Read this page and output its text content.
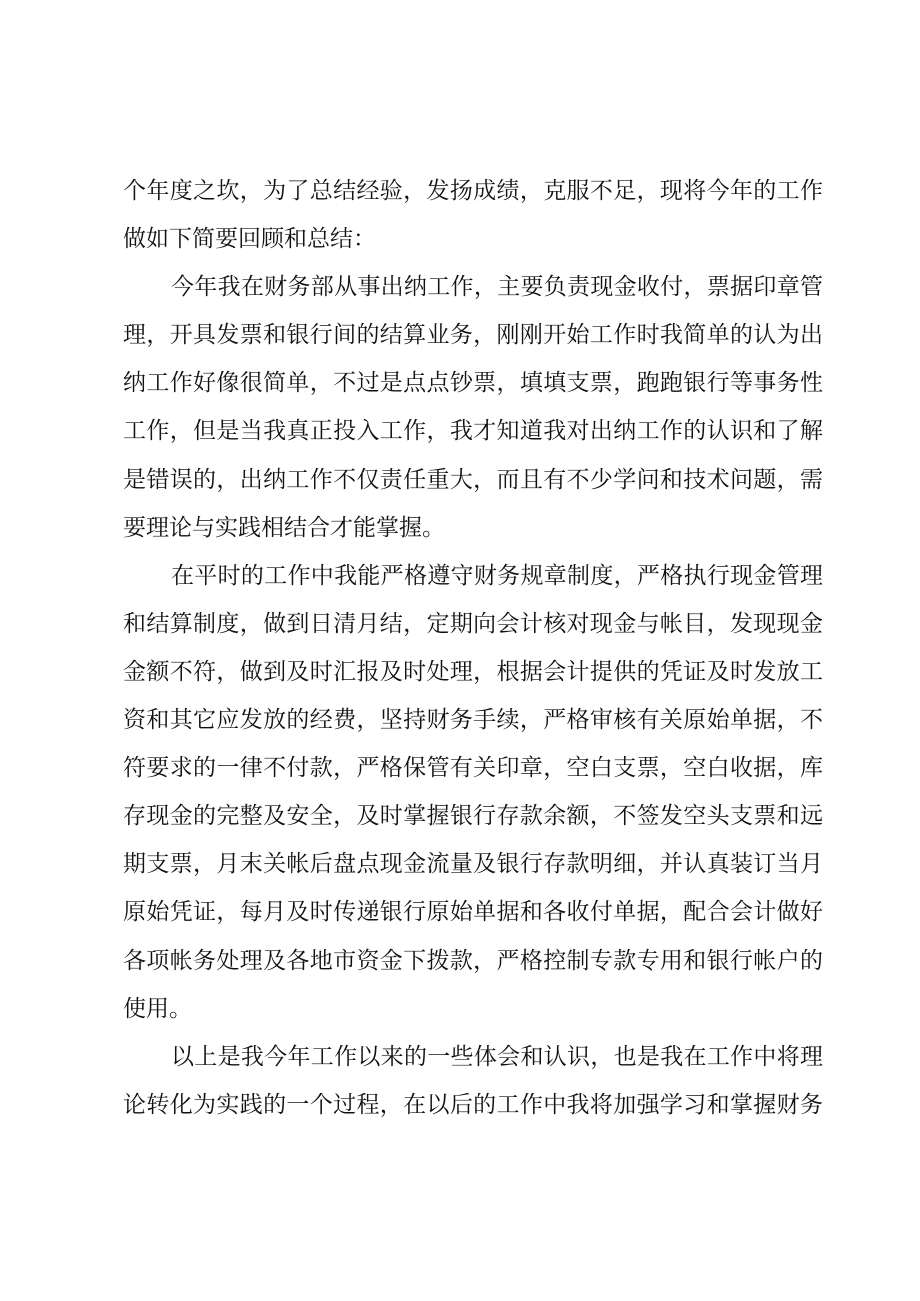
个年度之坎，为了总结经验，发扬成绩，克服不足，现将今年的工作
做如下简要回顾和总结：
今年我在财务部从事出纳工作，主要负责现金收付，票据印章管
理，开具发票和银行间的结算业务，刚刚开始工作时我简单的认为出
纳工作好像很简单，不过是点点钞票，填填支票，跑跑银行等事务性
工作，但是当我真正投入工作，我才知道我对出纳工作的认识和了解
是错误的，出纳工作不仅责任重大，而且有不少学问和技术问题，需
要理论与实践相结合才能掌握。
在平时的工作中我能严格遵守财务规章制度，严格执行现金管理
和结算制度，做到日清月结，定期向会计核对现金与帐目，发现现金
金额不符，做到及时汇报及时处理，根据会计提供的凭证及时发放工
资和其它应发放的经费，坚持财务手续，严格审核有关原始单据，不
符要求的一律不付款，严格保管有关印章，空白支票，空白收据，库
存现金的完整及安全，及时掌握银行存款余额，不签发空头支票和远
期支票，月末关帐后盘点现金流量及银行存款明细，并认真装订当月
原始凭证，每月及时传递银行原始单据和各收付单据，配合会计做好
各项帐务处理及各地市资金下拨款，严格控制专款专用和银行帐户的
使用。
以上是我今年工作以来的一些体会和认识，也是我在工作中将理
论转化为实践的一个过程，在以后的工作中我将加强学习和掌握财务
